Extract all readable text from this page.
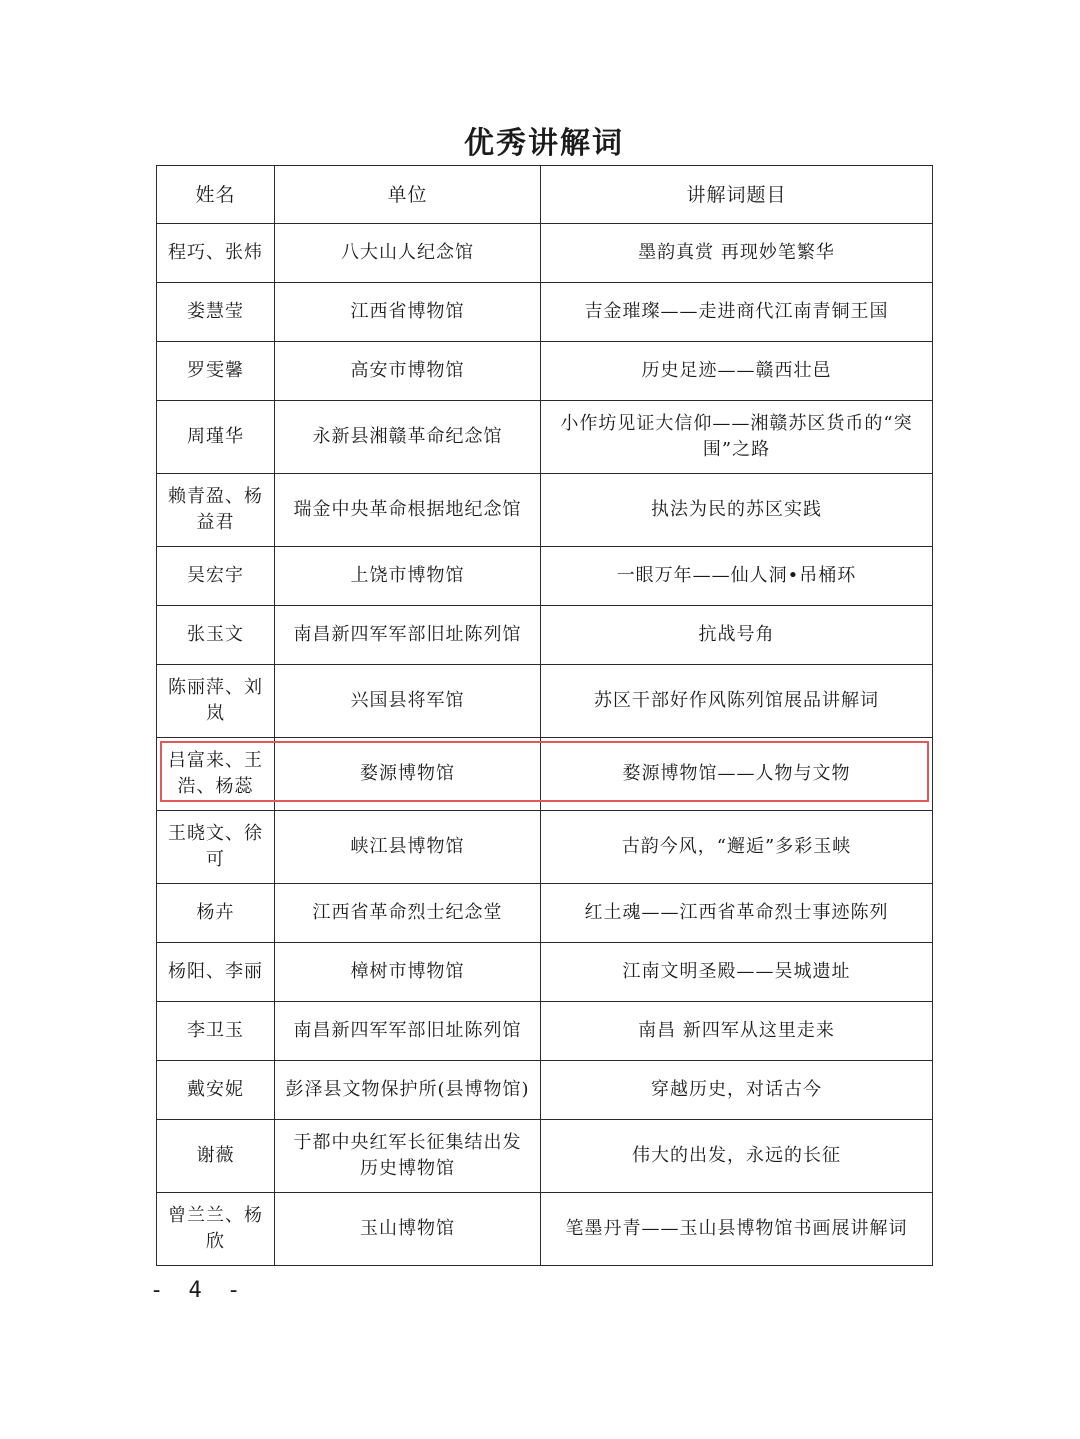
优秀讲解词
姓名	单位	讲解词题目
程巧、张炜	八大山人纪念馆	墨韵真赏 再现妙笔繁华
娄慧莹	江西省博物馆	吉金璀璨——走进商代江南青铜王国
罗雯馨	高安市博物馆	历史足迹——赣西壮邑
周瑾华	永新县湘赣革命纪念馆	小作坊见证大信仰——湘赣苏区货币的“突围”之路
赖青盈、杨益君	瑞金中央革命根据地纪念馆	执法为民的苏区实践
吴宏宇	上饶市博物馆	一眼万年——仙人洞•吊桶环
张玉文	南昌新四军军部旧址陈列馆	抗战号角
陈丽萍、刘岚	兴国县将军馆	苏区干部好作风陈列馆展品讲解词
吕富来、王浩、杨蕊	婺源博物馆	婺源博物馆——人物与文物
王晓文、徐可	峡江县博物馆	古韵今风，“邂逅”多彩玉峡
杨卉	江西省革命烈士纪念堂	红土魂——江西省革命烈士事迹陈列
杨阳、李丽	樟树市博物馆	江南文明圣殿——吴城遗址
李卫玉	南昌新四军军部旧址陈列馆	南昌 新四军从这里走来
戴安妮	彭泽县文物保护所(县博物馆)	穿越历史，对话古今
谢薇	于都中央红军长征集结出发历史博物馆	伟大的出发，永远的长征
曾兰兰、杨欣	玉山博物馆	笔墨丹青——玉山县博物馆书画展讲解词
- 4 -
